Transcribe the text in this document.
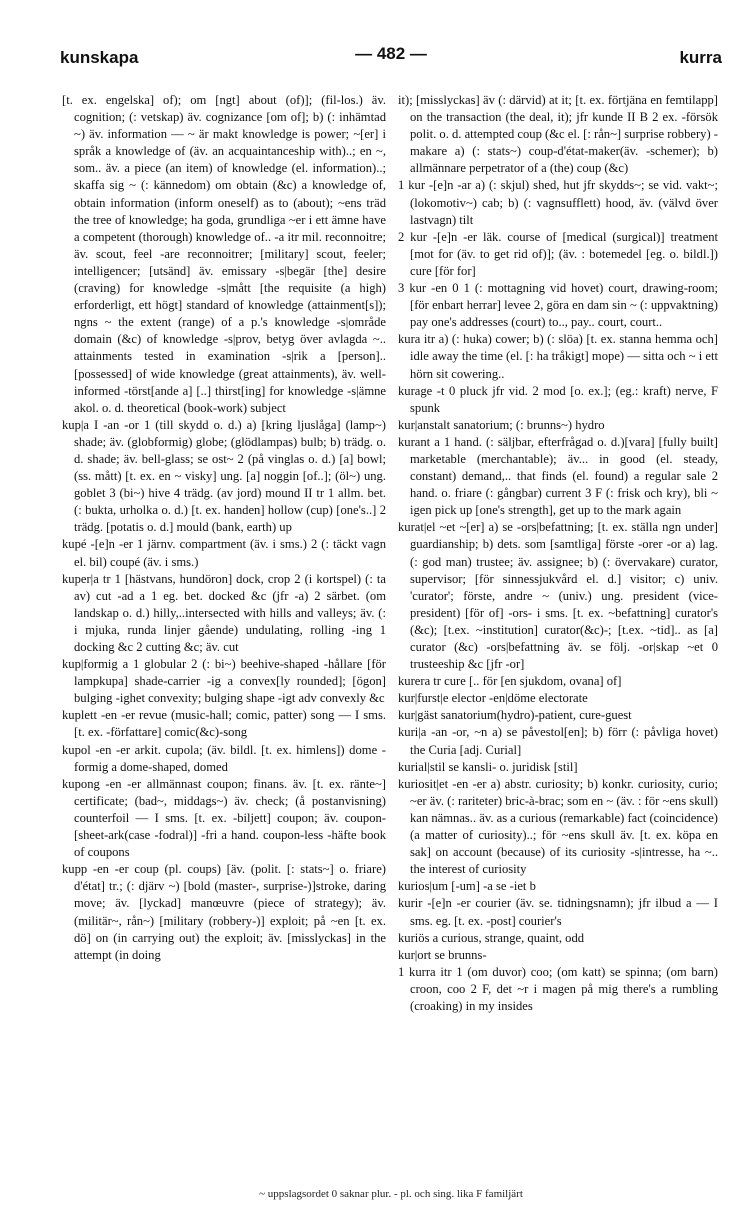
kunskapa	— 482 —	kurra

[t. ex. engelska] of); om [ngt] about (of)]; (fil-los.) äv. cognition; (: vetskap) äv. cognizance [om of]; b) (: inhämtad ~) äv. information — ~ är makt knowledge is power; ~[er] i språk a knowledge of (äv. an acquaintanceship with)..; en ~, som.. äv. a piece (an item) of knowledge (el. information)..; skaffa sig ~ (: kännedom) om obtain (&c) a knowledge of, obtain information (inform oneself) as to (about); ~ens träd the tree of knowledge; ha goda, grundliga ~er i ett ämne have a competent (thorough) knowledge of.. -a itr mil. reconnoitre; äv. scout, feel -are reconnoitrer; [military] scout, feeler; intelligencer; [utsänd] äv. emissary -s|begär [the] desire (craving) for knowledge -s|mått [the requisite (a high) erforderligt, ett högt] standard of knowledge (attainment[s]); ngns ~ the extent (range) of a p.'s knowledge -s|område domain (&c) of knowledge -s|prov, betyg över avlagda ~.. attainments tested in examination -s|rik a [person].. [possessed] of wide knowledge (great attainments), äv. well-informed -törst[ande a] [..] thirst[ing] for knowledge -s|ämne akol. o. d. theoretical (book-work) subject

kup|a I -an -or 1 (till skydd o. d.) a) [kring ljuslåga] (lamp~) shade; äv. (globformig) globe; (glödlampas) bulb; b) trädg. o. d. shade; äv. bell-glass; se ost~ 2 (på vinglas o. d.) [a] bowl; (ss. mått) [t. ex. en ~ visky] ung. [a] noggin [of..]; (öl~) ung. goblet 3 (bi~) hive 4 trädg. (av jord) mound II tr 1 allm. bet. (: bukta, urholka o. d.) [t. ex. handen] hollow (cup) [one's..] 2 trädg. [potatis o. d.] mould (bank, earth) up

kupé -[e]n -er 1 järnv. compartment (äv. i sms.) 2 (: täckt vagn el. bil) coupé (äv. i sms.)

kuper|a tr 1 [hästvans, hundöron] dock, crop 2 (i kortspel) (: ta av) cut -ad a 1 eg. bet. docked &c (jfr -a) 2 särbet. (om landskap o. d.) hilly,..intersected with hills and valleys; äv. (: i mjuka, runda linjer gående) undulating, rolling -ing 1 docking &c 2 cutting &c; äv. cut

kup|formig a 1 globular 2 (: bi~) beehive-shaped -hållare [för lampkupa] shade-carrier -ig a convex[ly rounded]; [ögon] bulging -ighet convexity; bulging shape -igt adv convexly &c

kuplett -en -er revue (music-hall; comic, patter) song — I sms. [t. ex. -författare] comic(&c)-song

kupol -en -er arkit. cupola; (äv. bildl. [t. ex. himlens]) dome -formig a dome-shaped, domed

kupong -en -er allmännast coupon; finans. äv. [t. ex. ränte~] certificate; (bad~, middags~) äv. check; (å postanvisning) counterfoil — I sms. [t. ex. -biljett] coupon; äv. coupon-[sheet-ark(case -fodral)] -fri a hand. coupon-less -häfte book of coupons

kupp -en -er coup (pl. coups) [äv. (polit. [: stats~] o. friare) d'état] tr.; (: djärv ~) [bold (master-, surprise-)]stroke, daring move; äv. [lyckad] manœuvre (piece of strategy); äv. (militär~, rån~) [military (robbery-)] exploit; på ~en [t. ex. dö] on (in carrying out) the exploit; äv. [misslyckas] in the attempt (in doing

it); [misslyckas] äv (: därvid) at it; [t. ex. förtjäna en femtilapp] on the transaction (the deal, it); jfr kunde II B 2 ex. -försök polit. o. d. attempted coup (&c el. [: rån~] surprise robbery) -makare a) (: stats~) coup-d'état-maker(äv. -schemer); b) allmännare perpetrator of a (the) coup (&c)

1 kur -[e]n -ar a) (: skjul) shed, hut jfr skydds~; se vid. vakt~; (lokomotiv~) cab; b) (: vagnsufflett) hood, äv. (välvd över lastvagn) tilt

2 kur -[e]n -er läk. course of [medical (surgical)] treatment [mot for (äv. to get rid of)]; (äv. : botemedel [eg. o. bildl.]) cure [för for]

3 kur -en 0 1 (: mottagning vid hovet) court, drawing-room; [för enbart herrar] levee 2, göra en dam sin ~ (: uppvaktning) pay one's addresses (court) to.., pay.. court, court..

kura itr a) (: huka) cower; b) (: slöa) [t. ex. stanna hemma och] idle away the time (el. [: ha tråkigt] mope) — sitta och ~ i ett hörn sit cowering..

kurage -t 0 pluck jfr vid. 2 mod [o. ex.]; (eg.: kraft) nerve, F spunk

kur|anstalt sanatorium; (: brunns~) hydro

kurant a 1 hand. (: säljbar, efterfrågad o. d.)[vara] [fully built] marketable (merchantable); äv... in good (el. steady, constant) demand,.. that finds (el. found) a regular sale 2 hand. o. friare (: gångbar) current 3 F (: frisk och kry), bli ~ igen pick up [one's strength], get up to the mark again

kurat|el ~et ~[er] a) se -ors|befattning; [t. ex. ställa ngn under] guardianship; b) dets. som [samtliga] förste -orer -or a) lag. (: god man) trustee; äv. assignee; b) (: övervakare) curator, supervisor; [för sinnessjukvård el. d.] visitor; c) univ. 'curator'; förste, andre ~ (univ.) ung. president (vice-president) [för of] -ors- i sms. [t. ex. ~befattning] curator's (&c); [t.ex. ~institution] curator(&c)-; [t.ex. ~tid].. as [a] curator (&c) -ors|befattning äv. se följ. -or|skap ~et 0 trusteeship &c [jfr -or]

kurera tr cure [.. för [en sjukdom, ovana] of]

kur|furst|e elector -en|döme electorate

kur|gäst sanatorium(hydro)-patient, cure-guest

kuri|a -an -or, ~n a) se påvestol[en]; b) förr (: påvliga hovet) the Curia [adj. Curial]

kurial|stil se kansli- o. juridisk [stil]

kuriosit|et -en -er a) abstr. curiosity; b) konkr. curiosity, curio; ~er äv. (: rariteter) bric-à-brac; som en ~ (äv. : för ~ens skull) kan nämnas.. äv. as a curious (remarkable) fact (coincidence) (a matter of curiosity)..; för ~ens skull äv. [t. ex. köpa en sak] on account (because) of its curiosity -s|intresse, ha ~.. the interest of curiosity

kurios|um [-um] -a se -iet b

kurir -[e]n -er courier (äv. se. tidningsnamn); jfr ilbud a — I sms. eg. [t. ex. -post] courier's

kuriös a curious, strange, quaint, odd

kur|ort se brunns-

1 kurra itr 1 (om duvor) coo; (om katt) se spinna; (om barn) croon, coo 2 F, det ~r i magen på mig there's a rumbling (croaking) in my insides

~ uppslagsordet 0 saknar plur. - pl. och sing. lika F familjärt
